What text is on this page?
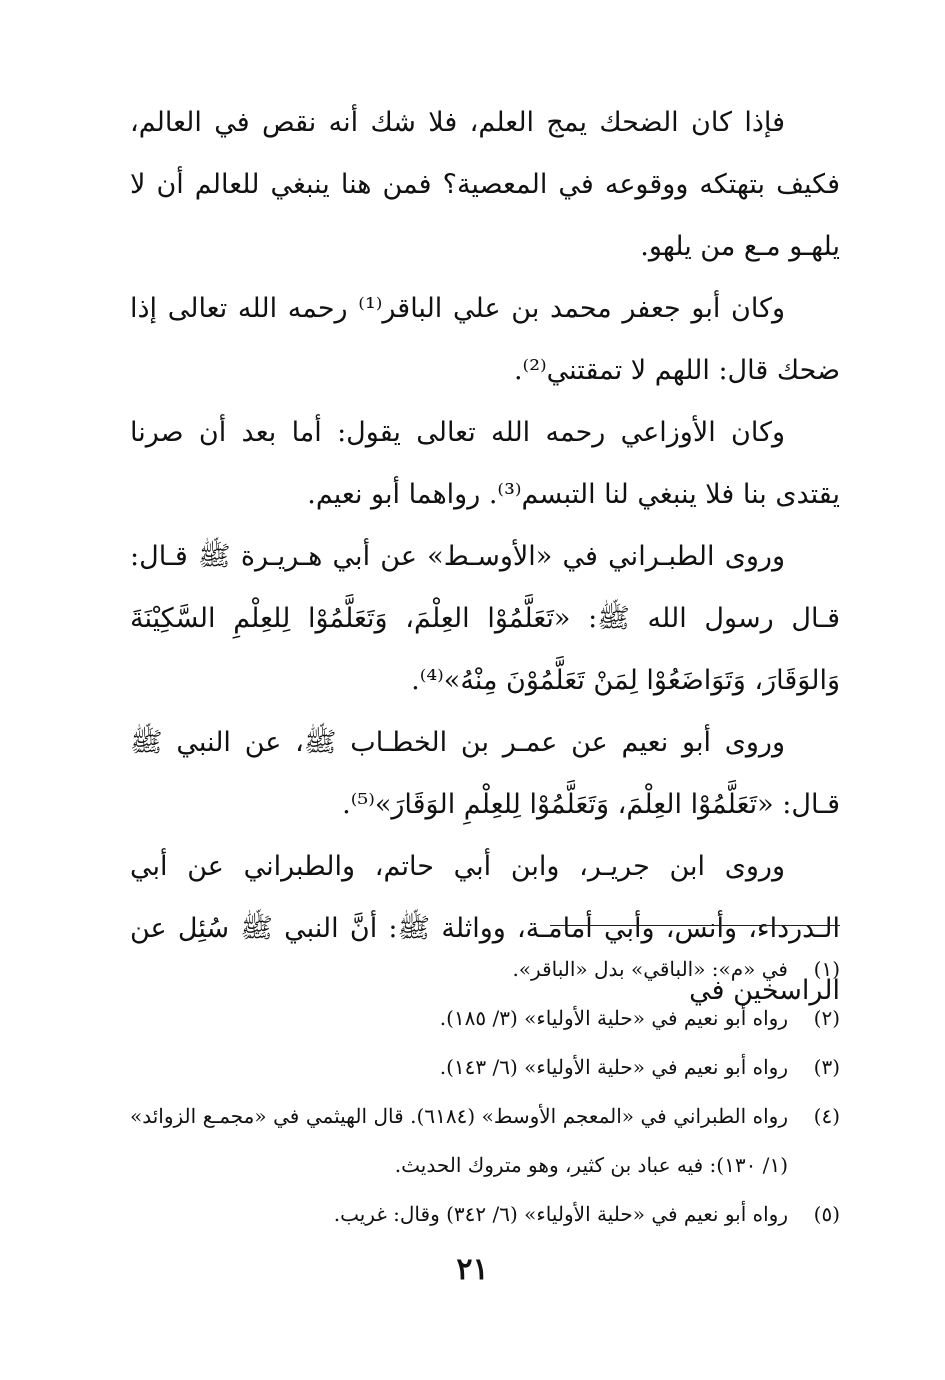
فإذا كان الضحك يمج العلم، فلا شك أنه نقص في العالم، فكيف بتهتكه ووقوعه في المعصية؟ فمن هنا ينبغي للعالم أن لا يلهـو مـع من يلهو.

وكان أبو جعفر محمد بن علي الباقر⁽¹⁾ رحمه الله تعالى إذا ضحك قال: اللهم لا تمقتني⁽²⁾.

وكان الأوزاعي رحمه الله تعالى يقول: أما بعد أن صرنا يقتدى بنا فلا ينبغي لنا التبسم⁽³⁾. رواهما أبو نعيم.

وروى الطبـراني في «الأوسـط» عن أبي هـريـرة ﷺ قـال: قـال رسول الله ﷺ: «تَعَلَّمُوْا العِلْمَ، وَتَعَلَّمُوْا لِلعِلْمِ السَّكِيْنَةَ وَالوَقَارَ، وَتَوَاضَعُوْا لِمَنْ تَعَلَّمُوْنَ مِنْهُ»⁽⁴⁾.

وروى أبو نعيم عن عمـر بن الخطـاب ﷺ، عن النبي ﷺ قـال: «تَعَلَّمُوْا العِلْمَ، وَتَعَلَّمُوْا لِلعِلْمِ الوَقَارَ»⁽⁵⁾.

وروى ابن جريـر، وابن أبي حاتم، والطبراني عن أبي الـدرداء، وأنس، وأبي أمامـة، وواثلة ﷺ: أنَّ النبي ﷺ سُئِل عن الراسخين في

(١)
في «م»: «الباقي» بدل «الباقر».
(٢)
رواه أبو نعيم في «حلية الأولياء» (٣/ ١٨٥).
(٣)
رواه أبو نعيم في «حلية الأولياء» (٦/ ١٤٣).
(٤)
رواه الطبراني في «المعجم الأوسط» (٦١٨٤). قال الهيثمي في «مجمـع الزوائد» (١/ ١٣٠): فيه عباد بن كثير، وهو متروك الحديث.
(٥)
رواه أبو نعيم في «حلية الأولياء» (٦/ ٣٤٢) وقال: غريب.
٢١
